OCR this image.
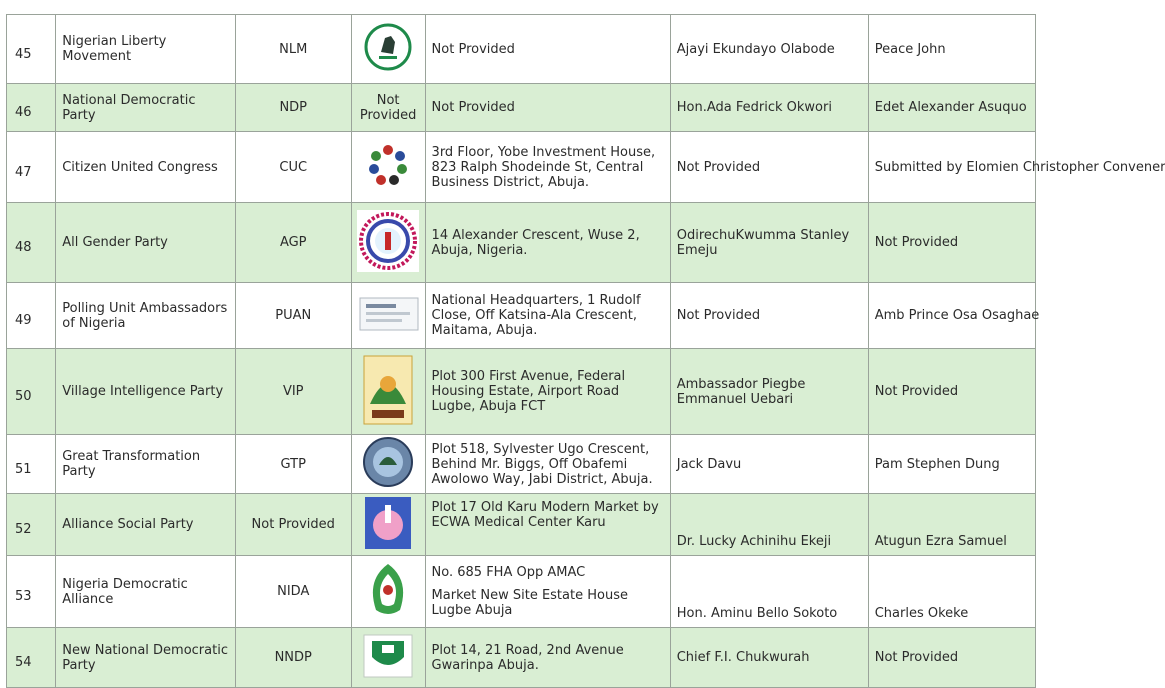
45	Nigerian Liberty Movement	NLM		Not Provided	Ajayi Ekundayo Olabode	Peace John
46	National Democratic Party	NDP	Not Provided	Not Provided	Hon.Ada Fedrick Okwori	Edet Alexander Asuquo
47	Citizen United Congress	CUC		3rd Floor, Yobe Investment House, 823 Ralph Shodeinde St, Central Business District, Abuja.	Not Provided	Submitted by Elomien Christopher Convener
48	All Gender Party	AGP		14 Alexander Crescent, Wuse 2, Abuja, Nigeria.	OdirechuKwumma Stanley Emeju	Not Provided
49	Polling Unit Ambassadors of Nigeria	PUAN		National Headquarters, 1 Rudolf Close, Off Katsina-Ala Crescent, Maitama, Abuja.	Not Provided	Amb Prince Osa Osaghae
50	Village Intelligence Party	VIP		Plot 300 First Avenue, Federal Housing Estate, Airport Road Lugbe, Abuja FCT	Ambassador Piegbe Emmanuel Uebari	Not Provided
51	Great Transformation Party	GTP		Plot 518, Sylvester Ugo Crescent, Behind Mr. Biggs, Off Obafemi Awolowo Way, Jabi District, Abuja.	Jack Davu	Pam Stephen Dung
52	Alliance Social Party	Not Provided		Plot 17 Old Karu Modern Market by ECWA Medical Center Karu	Dr. Lucky Achinihu Ekeji	Atugun Ezra Samuel
53	Nigeria Democratic Alliance	NIDA		No. 685 FHA Opp AMAC
Market New Site Estate House Lugbe Abuja	Hon. Aminu Bello Sokoto	Charles Okeke
54	New National Democratic Party	NNDP		Plot 14, 21 Road, 2nd Avenue Gwarinpa Abuja.	Chief F.I. Chukwurah	Not Provided
